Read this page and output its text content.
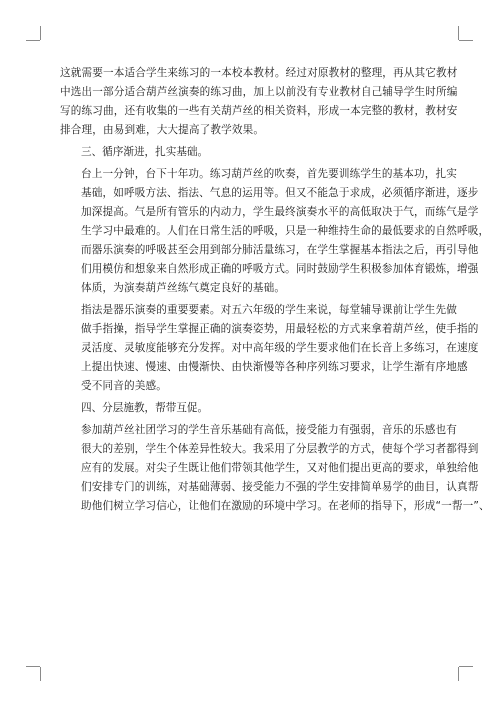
这就需要一本适合学生来练习的一本校本教材。经过对原教材的整理，再从其它教材
中选出一部分适合葫芦丝演奏的练习曲，加上以前没有专业教材自己辅导学生时所编
写的练习曲，还有收集的一些有关葫芦丝的相关资料，形成一本完整的教材，教材安
排合理，由易到难，大大提高了教学效果。
三、循序渐进，扎实基础。
台上一分钟，台下十年功。练习葫芦丝的吹奏，首先要训练学生的基本功，扎实
基础，如呼吸方法、指法、气息的运用等。但又不能急于求成，必须循序渐进，逐步
加深提高。气是所有管乐的内动力，学生最终演奏水平的高低取决于气，而练气是学
生学习中最难的。人们在日常生活的呼吸，只是一种维持生命的最低要求的自然呼吸，
而器乐演奏的呼吸甚至会用到部分肺活量练习，在学生掌握基本指法之后，再引导他
们用模仿和想象来自然形成正确的呼吸方式。同时鼓励学生积极参加体育锻炼，增强
体质，为演奏葫芦丝练气奠定良好的基础。
指法是器乐演奏的重要要素。对五六年级的学生来说，每堂辅导课前让学生先做
做手指操，指导学生掌握正确的演奏姿势，用最轻松的方式来拿着葫芦丝，使手指的
灵活度、灵敏度能够充分发挥。对中高年级的学生要求他们在长音上多练习，在速度
上提出快速、慢速、由慢渐快、由快渐慢等各种序列练习要求，让学生渐有序地感
受不同音的美感。
四、分层施教，帮带互促。
参加葫芦丝社团学习的学生音乐基础有高低，接受能力有强弱，音乐的乐感也有
很大的差别，学生个体差异性较大。我采用了分层教学的方式，使每个学习者都得到
应有的发展。对尖子生既让他们带领其他学生，又对他们提出更高的要求，单独给他
们安排专门的训练，对基础薄弱、接受能力不强的学生安排简单易学的曲目，认真帮
助他们树立学习信心，让他们在激励的环境中学习。在老师的指导下，形成“一帮一”、
